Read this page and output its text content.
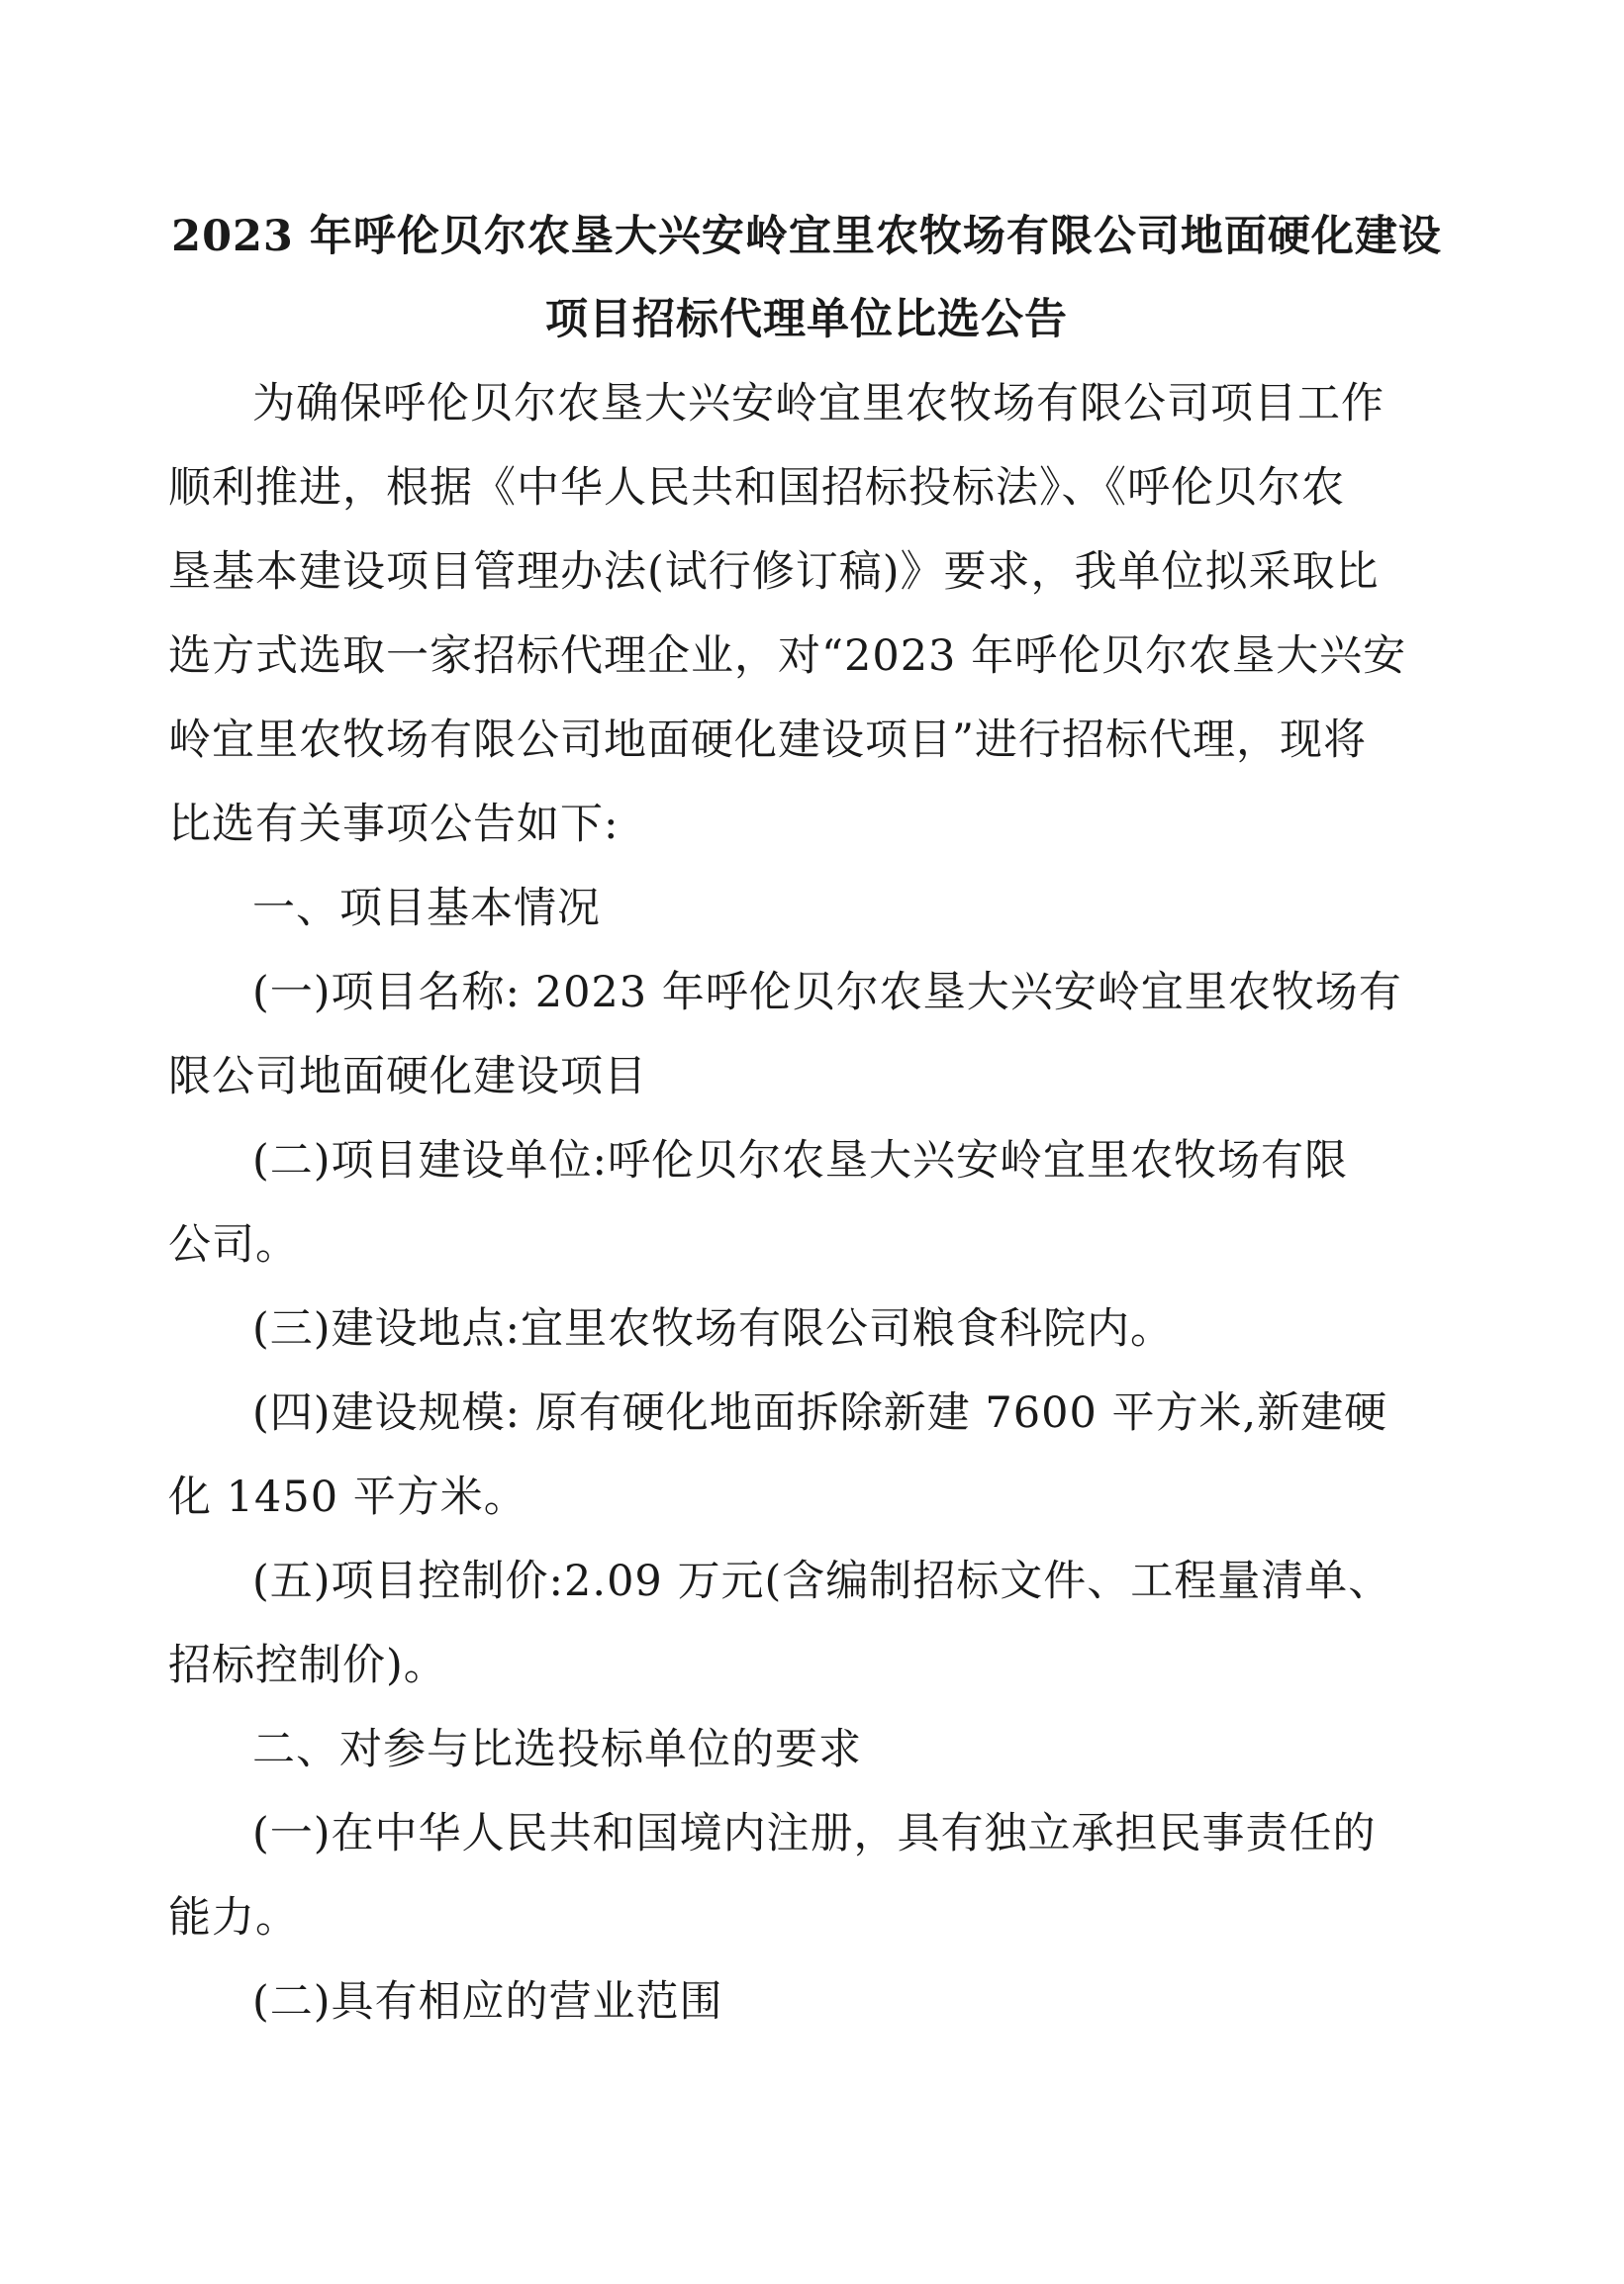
2023 年呼伦贝尔农垦大兴安岭宜里农牧场有限公司地面硬化建设
项目招标代理单位比选公告
为确保呼伦贝尔农垦大兴安岭宜里农牧场有限公司项目工作
顺利推进，根据《中华人民共和国招标投标法》、《呼伦贝尔农
垦基本建设项目管理办法(试行修订稿)》要求，我单位拟采取比
选方式选取一家招标代理企业，对“2023 年呼伦贝尔农垦大兴安
岭宜里农牧场有限公司地面硬化建设项目”进行招标代理，现将
比选有关事项公告如下:
一、项目基本情况
(一)项目名称: 2023 年呼伦贝尔农垦大兴安岭宜里农牧场有
限公司地面硬化建设项目
(二)项目建设单位:呼伦贝尔农垦大兴安岭宜里农牧场有限
公司。
(三)建设地点:宜里农牧场有限公司粮食科院内。
(四)建设规模: 原有硬化地面拆除新建 7600 平方米,新建硬
化 1450 平方米。
(五)项目控制价:2.09 万元(含编制招标文件、工程量清单、
招标控制价)。
二、对参与比选投标单位的要求
(一)在中华人民共和国境内注册，具有独立承担民事责任的
能力。
(二)具有相应的营业范围
